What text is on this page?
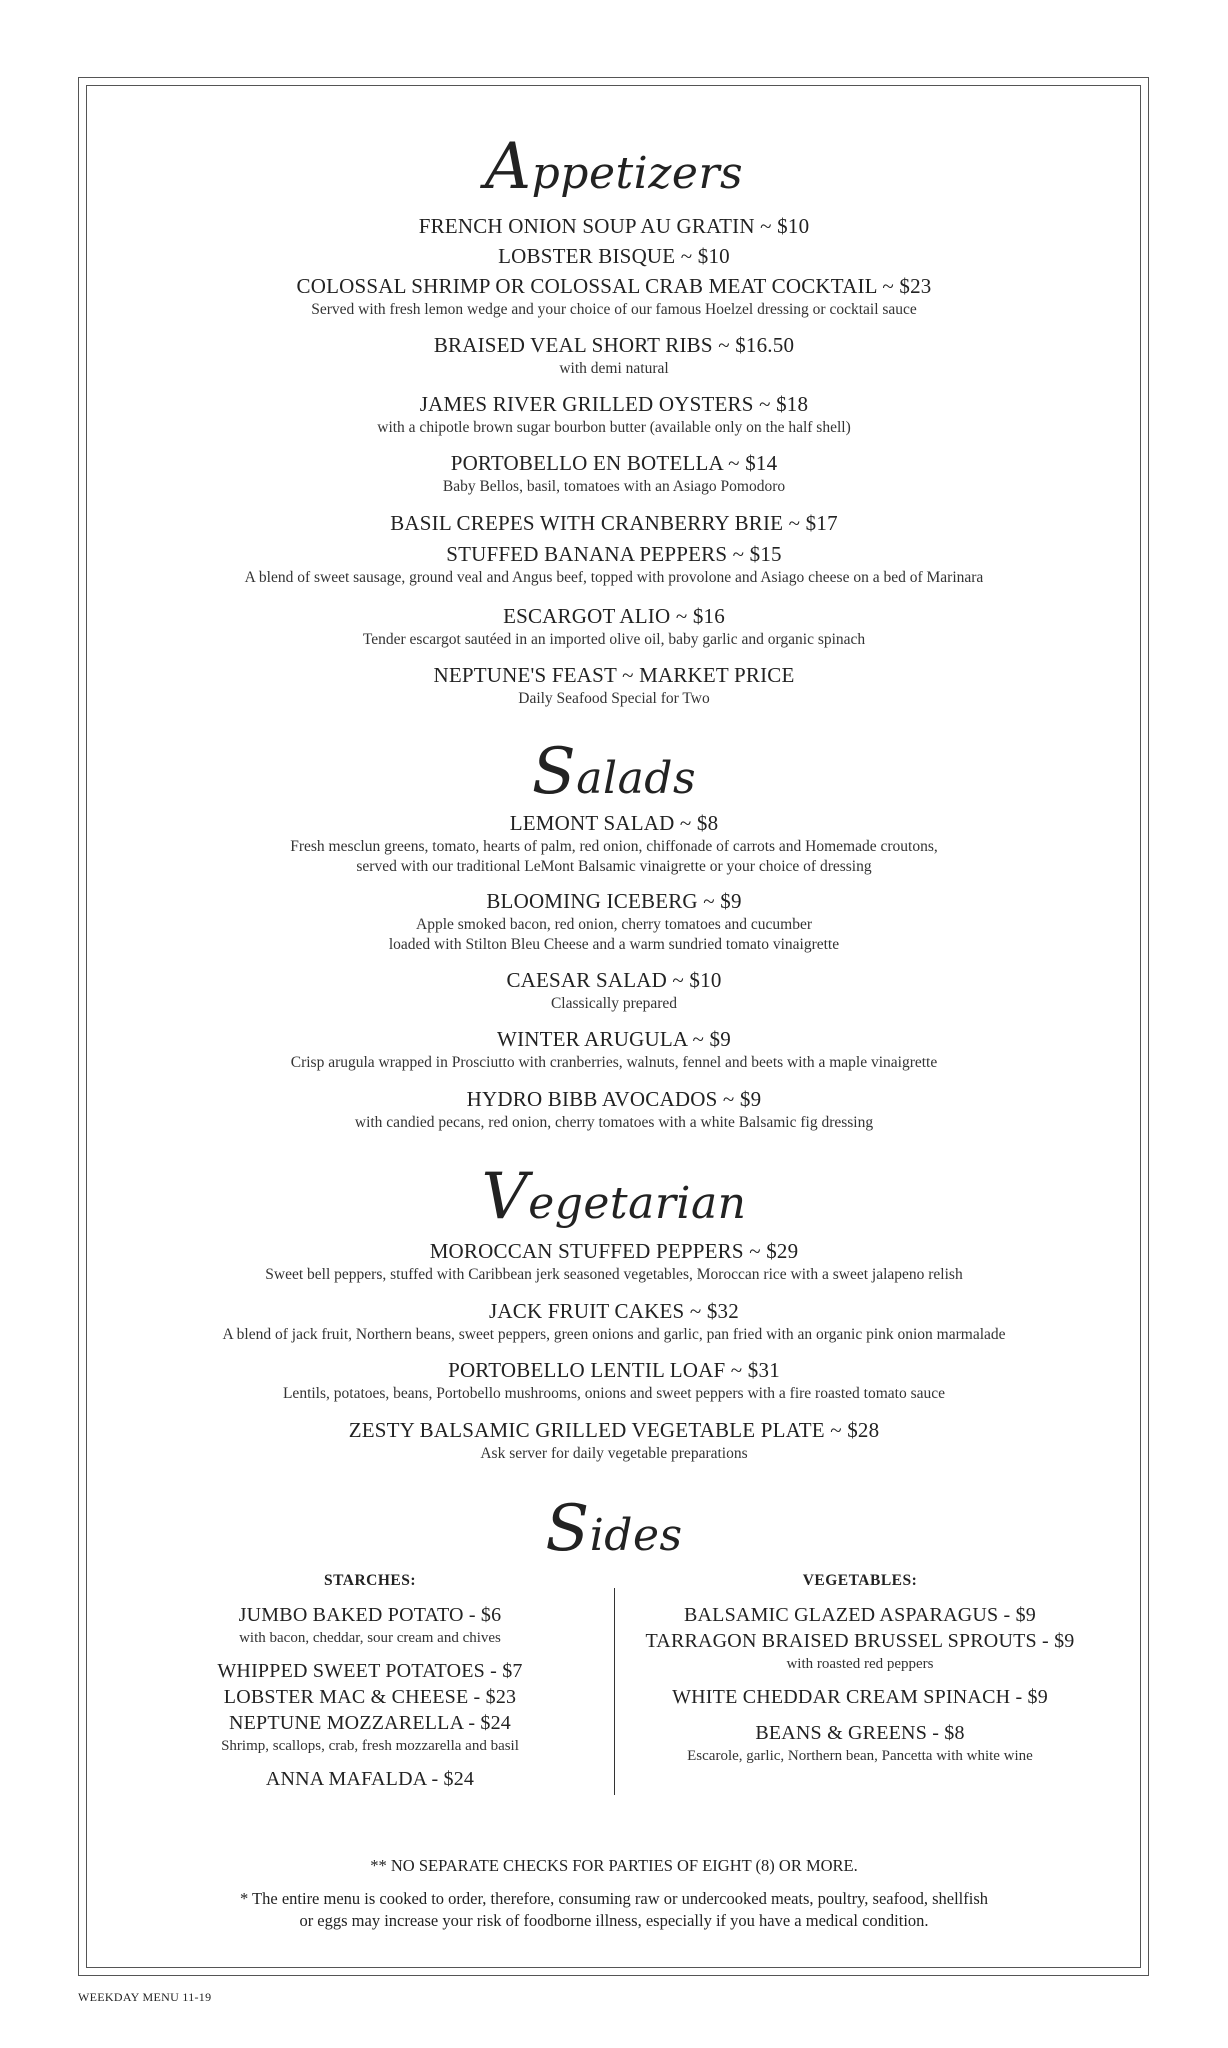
Appetizers
FRENCH ONION SOUP AU GRATIN ~ $10
LOBSTER BISQUE ~ $10
COLOSSAL SHRIMP OR COLOSSAL CRAB MEAT COCKTAIL ~ $23
Served with fresh lemon wedge and your choice of our famous Hoelzel dressing or cocktail sauce
BRAISED VEAL SHORT RIBS ~ $16.50
with demi natural
JAMES RIVER GRILLED OYSTERS ~ $18
with a chipotle brown sugar bourbon butter (available only on the half shell)
PORTOBELLO EN BOTELLA ~ $14
Baby Bellos, basil, tomatoes with an Asiago Pomodoro
BASIL CREPES WITH CRANBERRY BRIE ~ $17
STUFFED BANANA PEPPERS ~ $15
A blend of sweet sausage, ground veal and Angus beef, topped with provolone and Asiago cheese on a bed of Marinara
ESCARGOT ALIO ~ $16
Tender escargot sautéed in an imported olive oil, baby garlic and organic spinach
NEPTUNE'S FEAST ~ MARKET PRICE
Daily Seafood Special for Two
Salads
LEMONT SALAD ~ $8
Fresh mesclun greens, tomato, hearts of palm, red onion, chiffonade of carrots and Homemade croutons,
served with our traditional LeMont Balsamic vinaigrette or your choice of dressing
BLOOMING ICEBERG ~ $9
Apple smoked bacon, red onion, cherry tomatoes and cucumber
loaded with Stilton Bleu Cheese and a warm sundried tomato vinaigrette
CAESAR SALAD ~ $10
Classically prepared
WINTER ARUGULA ~ $9
Crisp arugula wrapped in Prosciutto with cranberries, walnuts, fennel and beets with a maple vinaigrette
HYDRO BIBB AVOCADOS ~ $9
with candied pecans, red onion, cherry tomatoes with a white Balsamic fig dressing
Vegetarian
MOROCCAN STUFFED PEPPERS ~ $29
Sweet bell peppers, stuffed with Caribbean jerk seasoned vegetables, Moroccan rice with a sweet jalapeno relish
JACK FRUIT CAKES ~ $32
A blend of jack fruit, Northern beans, sweet peppers, green onions and garlic, pan fried with an organic pink onion marmalade
PORTOBELLO LENTIL LOAF ~ $31
Lentils, potatoes, beans, Portobello mushrooms, onions and sweet peppers with a fire roasted tomato sauce
ZESTY BALSAMIC GRILLED VEGETABLE PLATE ~ $28
Ask server for daily vegetable preparations
Sides
STARCHES:
JUMBO BAKED POTATO - $6
with bacon, cheddar, sour cream and chives
WHIPPED SWEET POTATOES - $7
LOBSTER MAC & CHEESE - $23
NEPTUNE MOZZARELLA - $24
Shrimp, scallops, crab, fresh mozzarella and basil
ANNA MAFALDA - $24
VEGETABLES:
BALSAMIC GLAZED ASPARAGUS - $9
TARRAGON BRAISED BRUSSEL SPROUTS - $9
with roasted red peppers
WHITE CHEDDAR CREAM SPINACH - $9
BEANS & GREENS - $8
Escarole, garlic, Northern bean, Pancetta with white wine
** NO SEPARATE CHECKS FOR PARTIES OF EIGHT (8) OR MORE.
* The entire menu is cooked to order, therefore, consuming raw or undercooked meats, poultry, seafood, shellfish
or eggs may increase your risk of foodborne illness, especially if you have a medical condition.
WEEKDAY MENU 11-19
